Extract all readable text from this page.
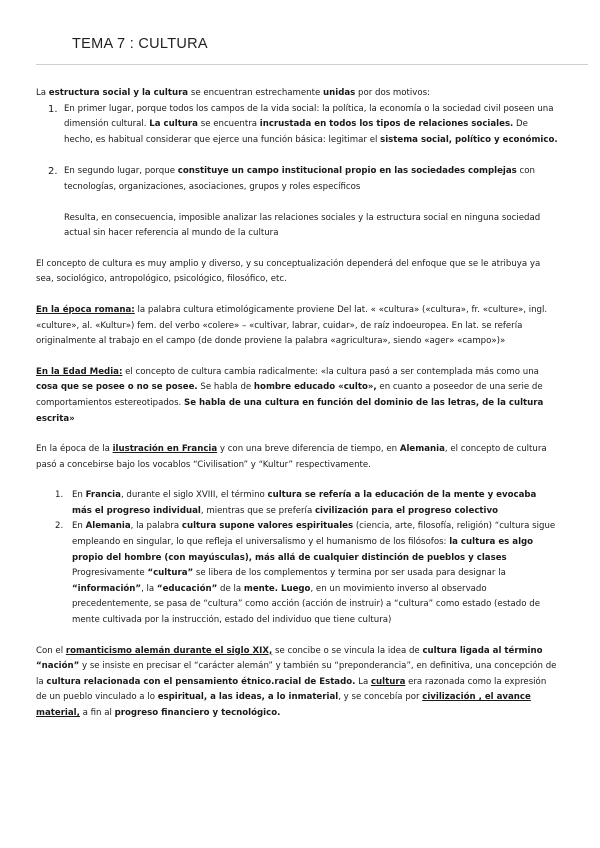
TEMA 7 : CULTURA

La estructura social y la cultura se encuentran estrechamente unidas por dos motivos:

1. En primer lugar, porque todos los campos de la vida social: la política, la economía o la sociedad civil poseen una dimensión cultural. La cultura se encuentra incrustada en todos los tipos de relaciones sociales. De hecho, es habitual considerar que ejerce una función básica: legitimar el sistema social, político y económico.
2. En segundo lugar, porque constituye un campo institucional propio en las sociedades complejas con tecnologías, organizaciones, asociaciones, grupos y roles específicos

Resulta, en consecuencia, imposible analizar las relaciones sociales y la estructura social en ninguna sociedad actual sin hacer referencia al mundo de la cultura

El concepto de cultura es muy amplio y diverso, y su conceptualización dependerá del enfoque que se le atribuya ya sea, sociológico, antropológico, psicológico, filosófico, etc.

En la época romana: la palabra cultura etimológicamente proviene Del lat. « «cultura» («cultura», fr. «culture», ingl. «culture», al. «Kultur») fem. del verbo «colere» – «cultivar, labrar, cuidar», de raíz indoeuropea. En lat. se refería originalmente al trabajo en el campo (de donde proviene la palabra «agricultura», siendo «ager» «campo»)»

En la Edad Media: el concepto de cultura cambia radicalmente: «la cultura pasó a ser contemplada más como una cosa que se posee o no se posee. Se habla de hombre educado «culto», en cuanto a poseedor de una serie de comportamientos estereotipados. Se habla de una cultura en función del dominio de las letras, de la cultura escrita»

En la época de la ilustración en Francia y con una breve diferencia de tiempo, en Alemania, el concepto de cultura pasó a concebirse bajo los vocablos “Civilisation” y “Kultur” respectivamente.

1. En Francia, durante el siglo XVIII, el término cultura se refería a la educación de la mente y evocaba más el progreso individual, mientras que se prefería civilización para el progreso colectivo
2. En Alemania, la palabra cultura supone valores espirituales (ciencia, arte, filosofía, religión) “cultura sigue empleando en singular, lo que refleja el universalismo y el humanismo de los filósofos: la cultura es algo propio del hombre (con mayúsculas), más allá de cualquier distinción de pueblos y clases
Progresivamente “cultura” se libera de los complementos y termina por ser usada para designar la “información”, la “educación” de la mente. Luego, en un movimiento inverso al observado precedentemente, se pasa de “cultura” como acción (acción de instruir) a “cultura” como estado (estado de mente cultivada por la instrucción, estado del individuo que tiene cultura)

Con el romanticismo alemán durante el siglo XIX, se concibe o se vincula la idea de cultura ligada al término “nación” y se insiste en precisar el “carácter alemán” y también su “preponderancia”, en definitiva, una concepción de la cultura relacionada con el pensamiento étnico.racial de Estado. La cultura era razonada como la expresión de un pueblo vinculado a lo espiritual, a las ideas, a lo inmaterial, y se concebía por civilización , el avance material, a fin al progreso financiero y tecnológico.
